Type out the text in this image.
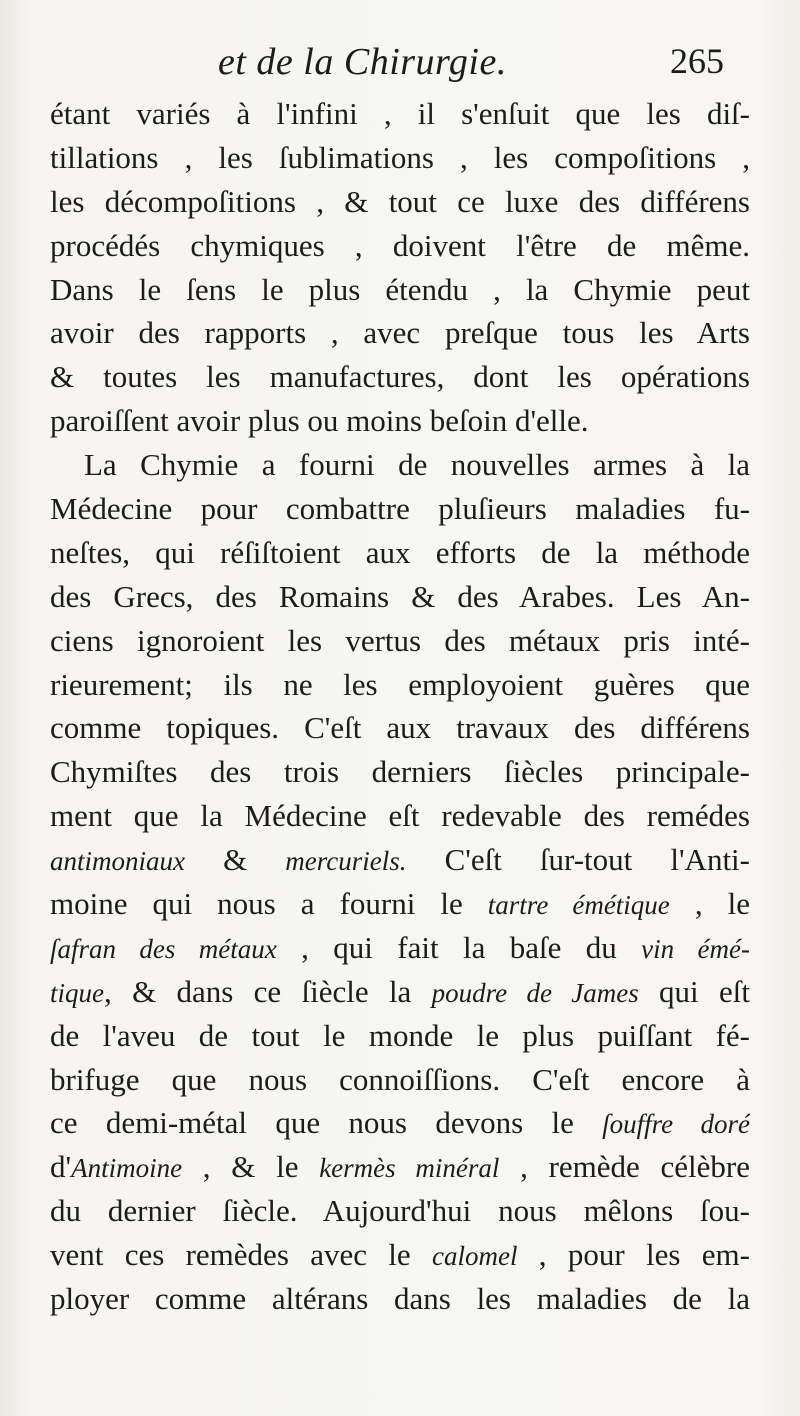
et de la Chirurgie.	265
étant variés à l'infini , il s'enſuit que les diſ-
tillations , les ſublimations , les compoſitions ,
les décompoſitions , & tout ce luxe des différens
procédés chymiques , doivent l'être de même.
Dans le ſens le plus étendu , la Chymie peut
avoir des rapports , avec preſque tous les Arts
& toutes les manufactures, dont les opérations
paroiſſent avoir plus ou moins beſoin d'elle.
La Chymie a fourni de nouvelles armes à la
Médecine pour combattre pluſieurs maladies fu-
neſtes, qui réſiſtoient aux efforts de la méthode
des Grecs, des Romains & des Arabes. Les An-
ciens ignoroient les vertus des métaux pris inté-
rieurement; ils ne les employoient guères que
comme topiques. C'eſt aux travaux des différens
Chymiſtes des trois derniers ſiècles principale-
ment que la Médecine eſt redevable des remédes
antimoniaux & mercuriels. C'eſt ſur-tout l'Anti-
moine qui nous a fourni le tartre émétique , le
ſafran des métaux , qui fait la baſe du vin émé-
tique, & dans ce ſiècle la poudre de James qui eſt
de l'aveu de tout le monde le plus puiſſant fé-
brifuge que nous connoiſſions. C'eſt encore à
ce demi-métal que nous devons le ſouffre doré
d'Antimoine , & le kermès minéral , remède célèbre
du dernier ſiècle. Aujourd'hui nous mêlons ſou-
vent ces remèdes avec le calomel , pour les em-
ployer comme altérans dans les maladies de la
